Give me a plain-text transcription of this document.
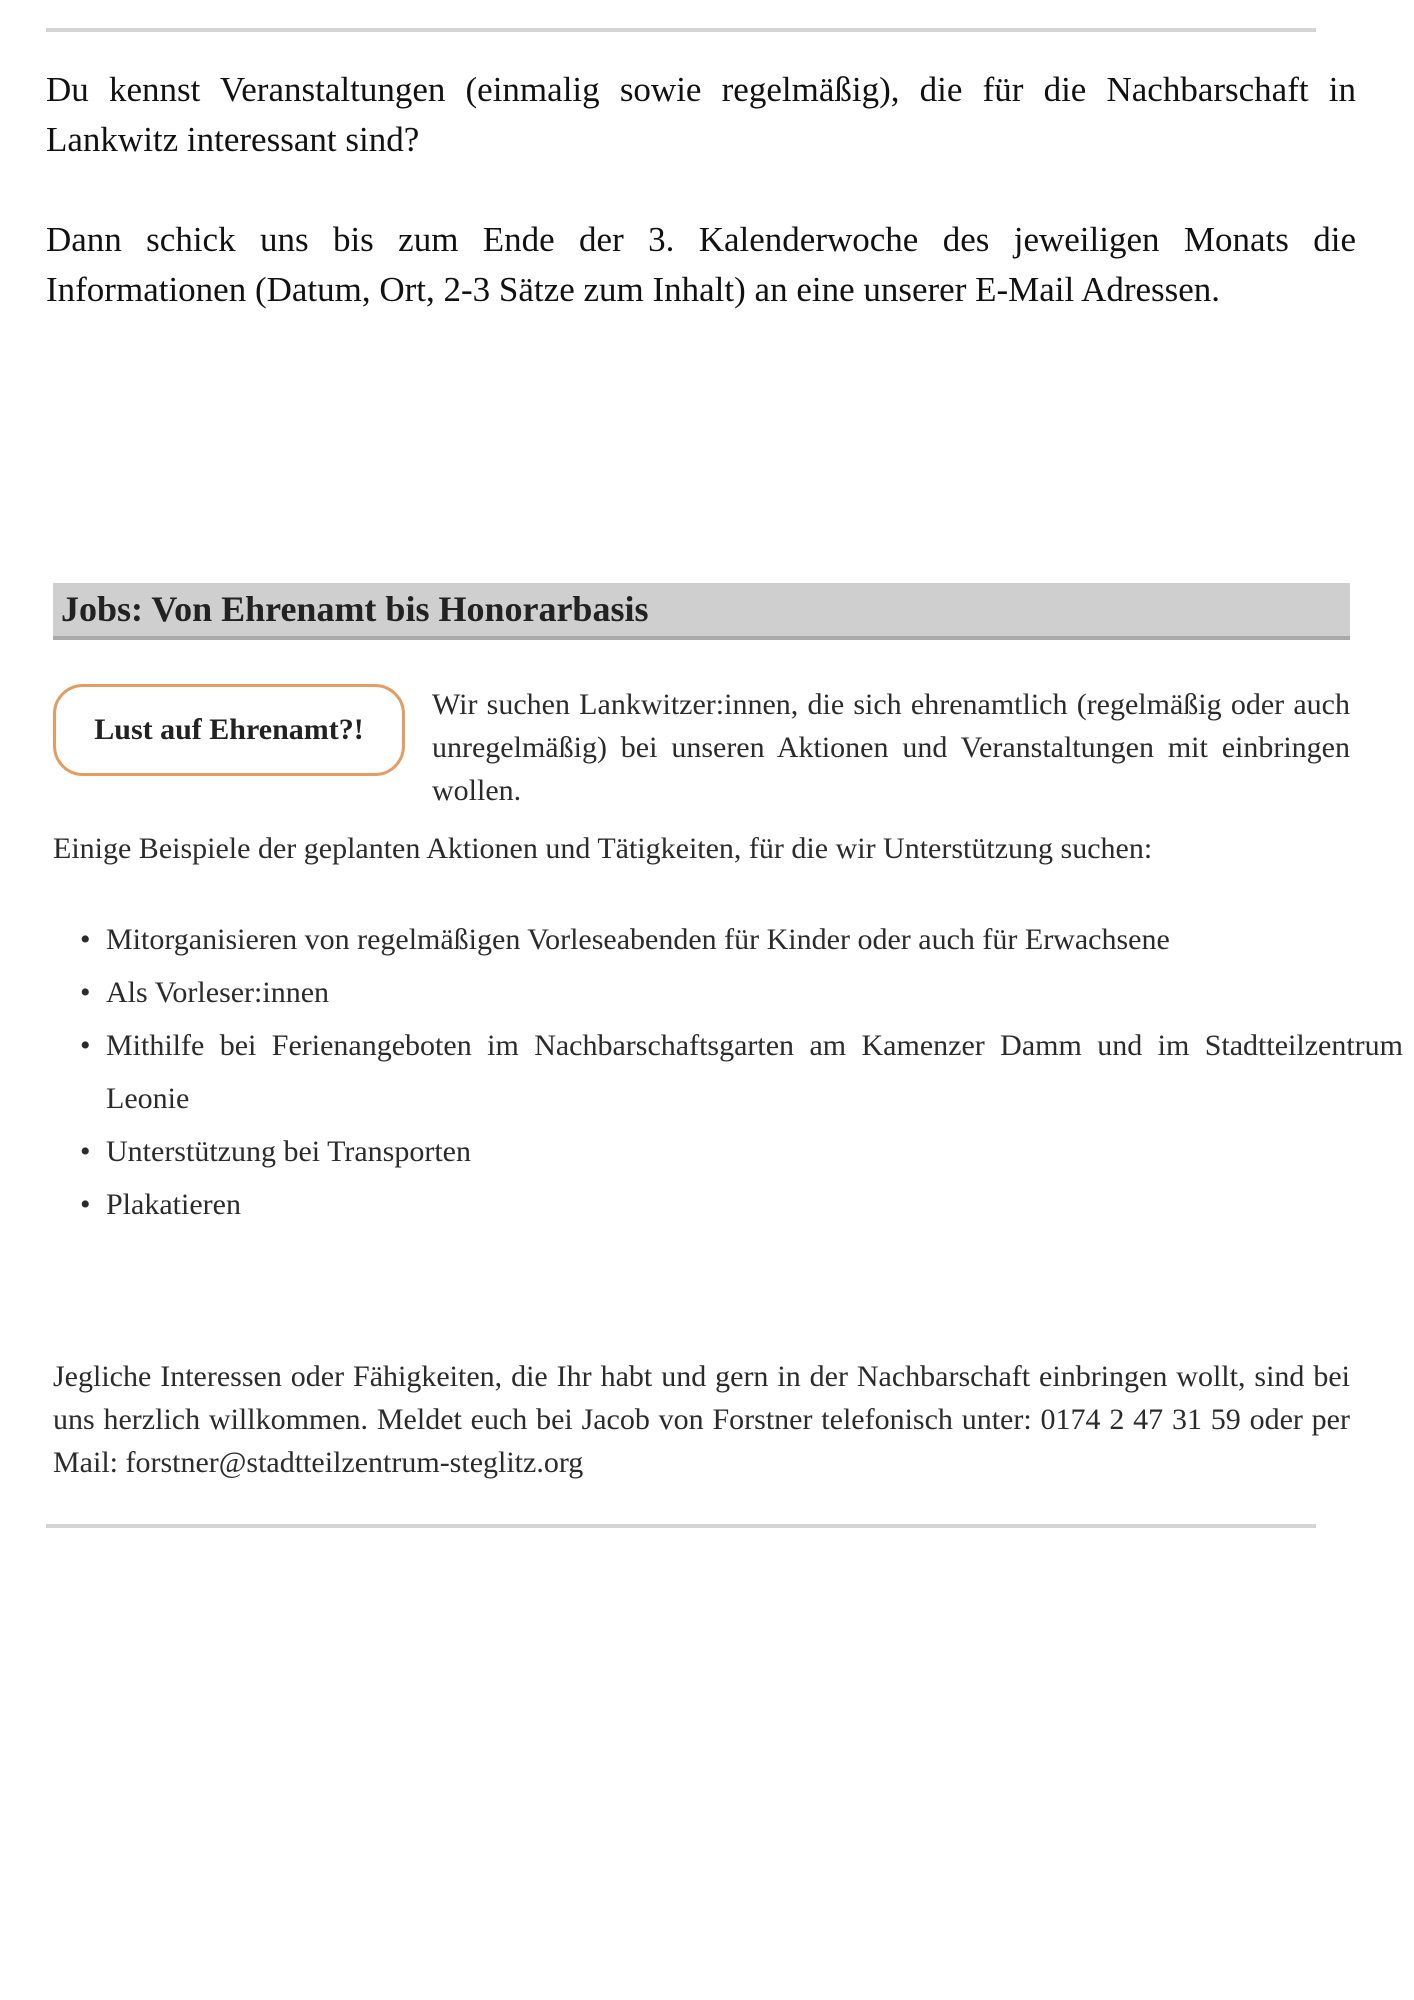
Du kennst Veranstaltungen (einmalig sowie regelmäßig), die für die Nachbarschaft in Lankwitz interessant sind?

Dann schick uns bis zum Ende der 3. Kalenderwoche des jeweiligen Monats die Informationen (Datum, Ort, 2-3 Sätze zum Inhalt) an eine unserer E-Mail Adressen.

Jobs: Von Ehrenamt bis Honorarbasis
Lust auf Ehrenamt?!

Wir suchen Lankwitzer:innen, die sich ehrenamtlich (regelmäßig oder auch unregelmäßig) bei unseren Aktionen und Veranstaltungen mit einbringen wollen.

Einige Beispiele der geplanten Aktionen und Tätigkeiten, für die wir Unterstützung suchen:

• Mitorganisieren von regelmäßigen Vorleseabenden für Kinder oder auch für Erwachsene
• Als Vorleser:innen
• Mithilfe bei Ferienangeboten im Nachbarschaftsgarten am Kamenzer Damm und im Stadtteilzentrum Leonie
• Unterstützung bei Transporten
• Plakatieren

Jegliche Interessen oder Fähigkeiten, die Ihr habt und gern in der Nachbarschaft einbringen wollt, sind bei uns herzlich willkommen. Meldet euch bei Jacob von Forstner telefonisch unter: 0174 2 47 31 59 oder per Mail: forstner@stadtteilzentrum-steglitz.org
